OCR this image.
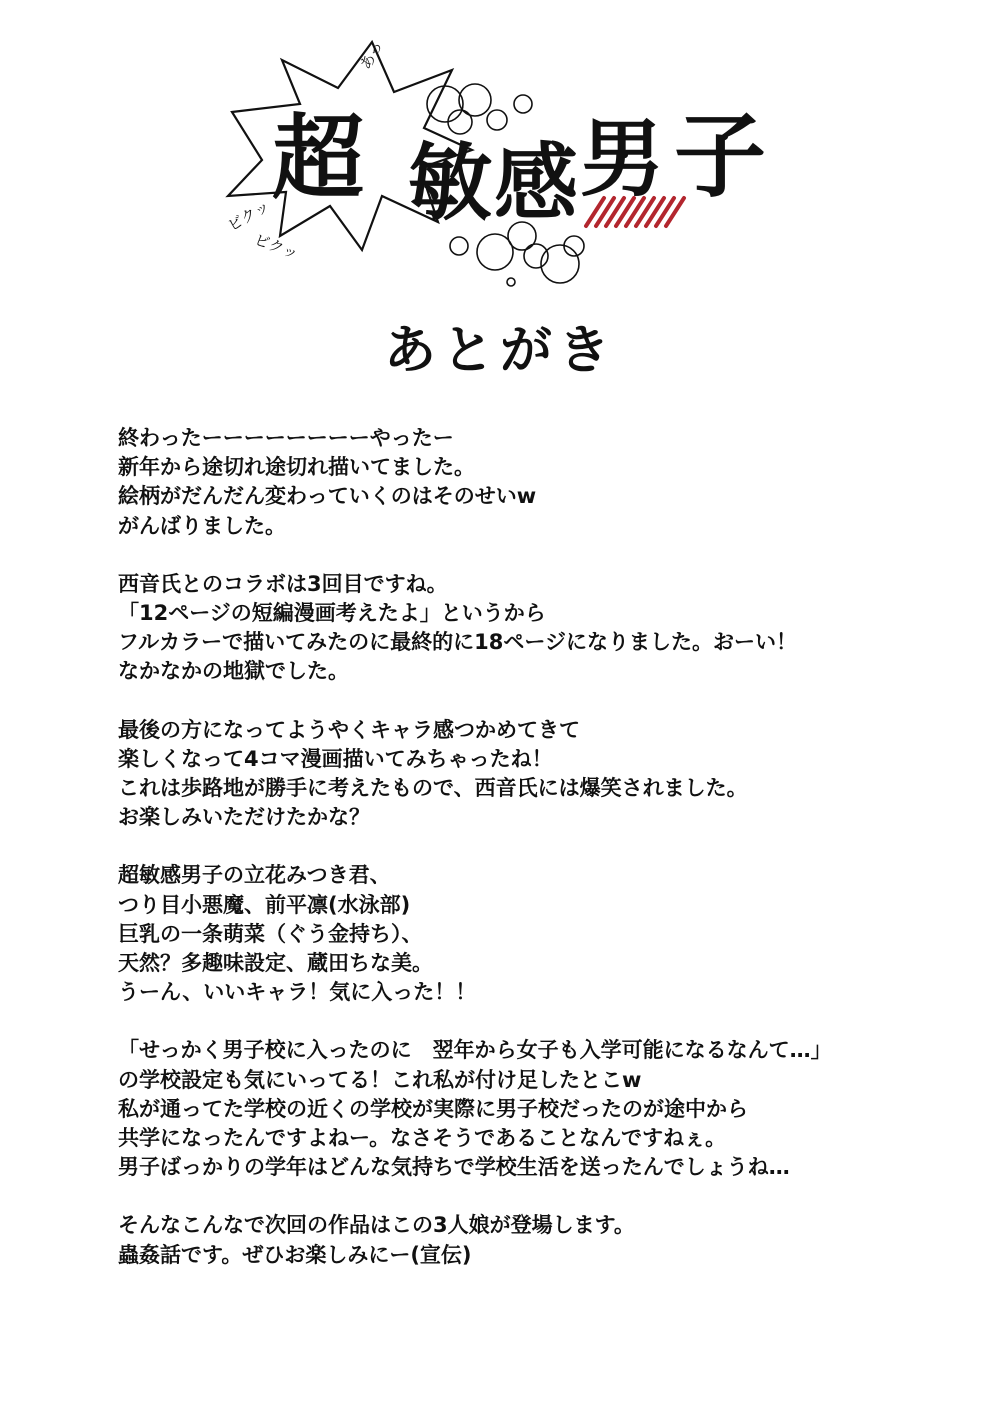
超 敏 感 男 子
あっ
ビクッ
ビクッ
あとがき

終わったーーーーーーーーやったー
新年から途切れ途切れ描いてました。
絵柄がだんだん変わっていくのはそのせいw
がんばりました。

西音氏とのコラボは3回目ですね。
「12ページの短編漫画考えたよ」というから
フルカラーで描いてみたのに最終的に18ページになりました。おーい！
なかなかの地獄でした。

最後の方になってようやくキャラ感つかめてきて
楽しくなって4コマ漫画描いてみちゃったね！
これは歩路地が勝手に考えたもので、西音氏には爆笑されました。
お楽しみいただけたかな？

超敏感男子の立花みつき君、
つり目小悪魔、前平凛(水泳部)
巨乳の一条萌菜（ぐう金持ち）、
天然？多趣味設定、蔵田ちな美。
うーん、いいキャラ！気に入った！！

「せっかく男子校に入ったのに　翌年から女子も入学可能になるなんて…」
の学校設定も気にいってる！これ私が付け足したとこw
私が通ってた学校の近くの学校が実際に男子校だったのが途中から
共学になったんですよねー。なさそうであることなんですねぇ。
男子ばっかりの学年はどんな気持ちで学校生活を送ったんでしょうね…

そんなこんなで次回の作品はこの3人娘が登場します。
蟲姦話です。ぜひお楽しみにー(宣伝)
